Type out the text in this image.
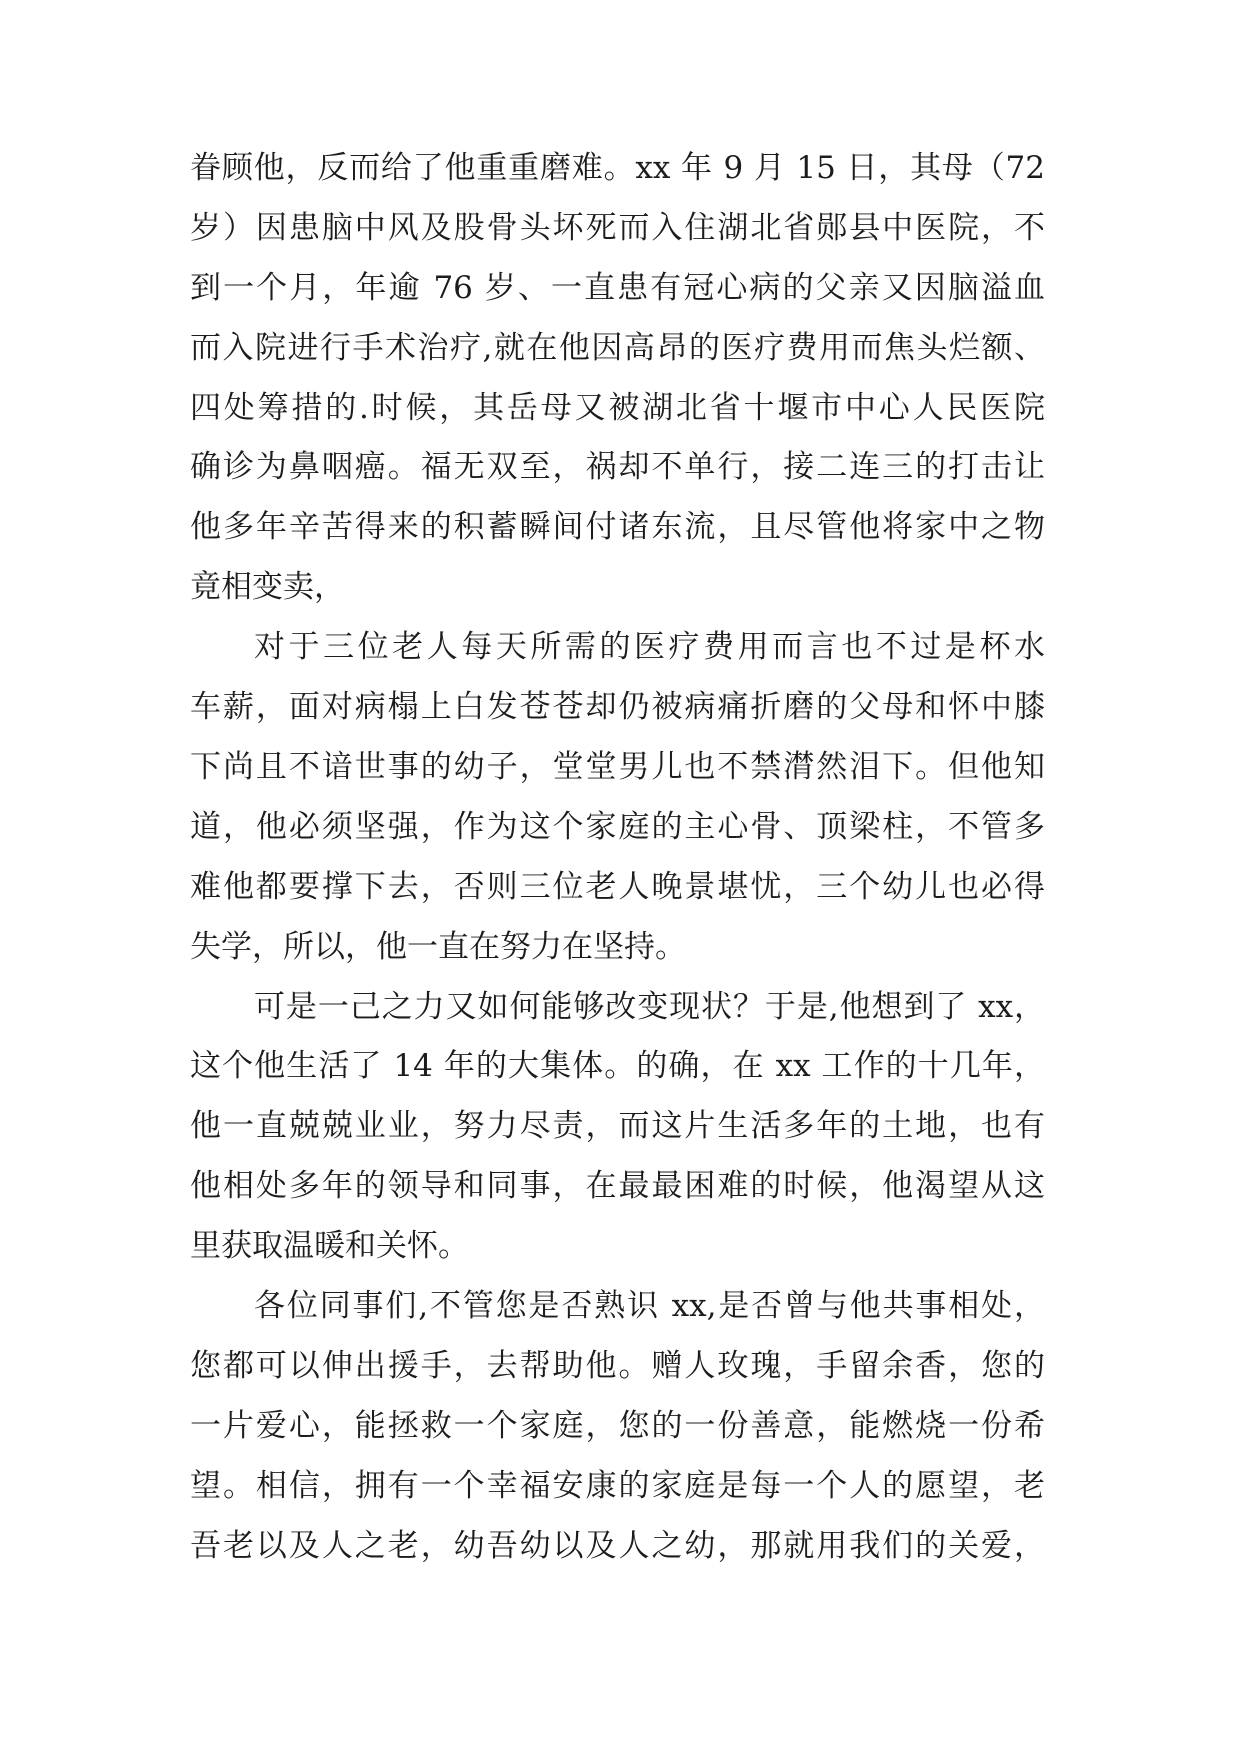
眷顾他，反而给了他重重磨难。xx 年 9 月 15 日，其母（72
岁）因患脑中风及股骨头坏死而入住湖北省郧县中医院，不
到一个月，年逾 76 岁、一直患有冠心病的父亲又因脑溢血
而入院进行手术治疗,就在他因高昂的医疗费用而焦头烂额、
四处筹措的.时候，其岳母又被湖北省十堰市中心人民医院
确诊为鼻咽癌。福无双至，祸却不单行，接二连三的打击让
他多年辛苦得来的积蓄瞬间付诸东流，且尽管他将家中之物
竟相变卖，
对于三位老人每天所需的医疗费用而言也不过是杯水
车薪，面对病榻上白发苍苍却仍被病痛折磨的父母和怀中膝
下尚且不谙世事的幼子，堂堂男儿也不禁潸然泪下。但他知
道，他必须坚强，作为这个家庭的主心骨、顶梁柱，不管多
难他都要撑下去，否则三位老人晚景堪忧，三个幼儿也必得
失学，所以，他一直在努力在坚持。
可是一己之力又如何能够改变现状？于是,他想到了 xx，
这个他生活了 14 年的大集体。的确，在 xx 工作的十几年，
他一直兢兢业业，努力尽责，而这片生活多年的土地，也有
他相处多年的领导和同事，在最最困难的时候，他渴望从这
里获取温暖和关怀。
各位同事们,不管您是否熟识 xx,是否曾与他共事相处，
您都可以伸出援手，去帮助他。赠人玫瑰，手留余香，您的
一片爱心，能拯救一个家庭，您的一份善意，能燃烧一份希
望。相信，拥有一个幸福安康的家庭是每一个人的愿望，老
吾老以及人之老，幼吾幼以及人之幼，那就用我们的关爱，
